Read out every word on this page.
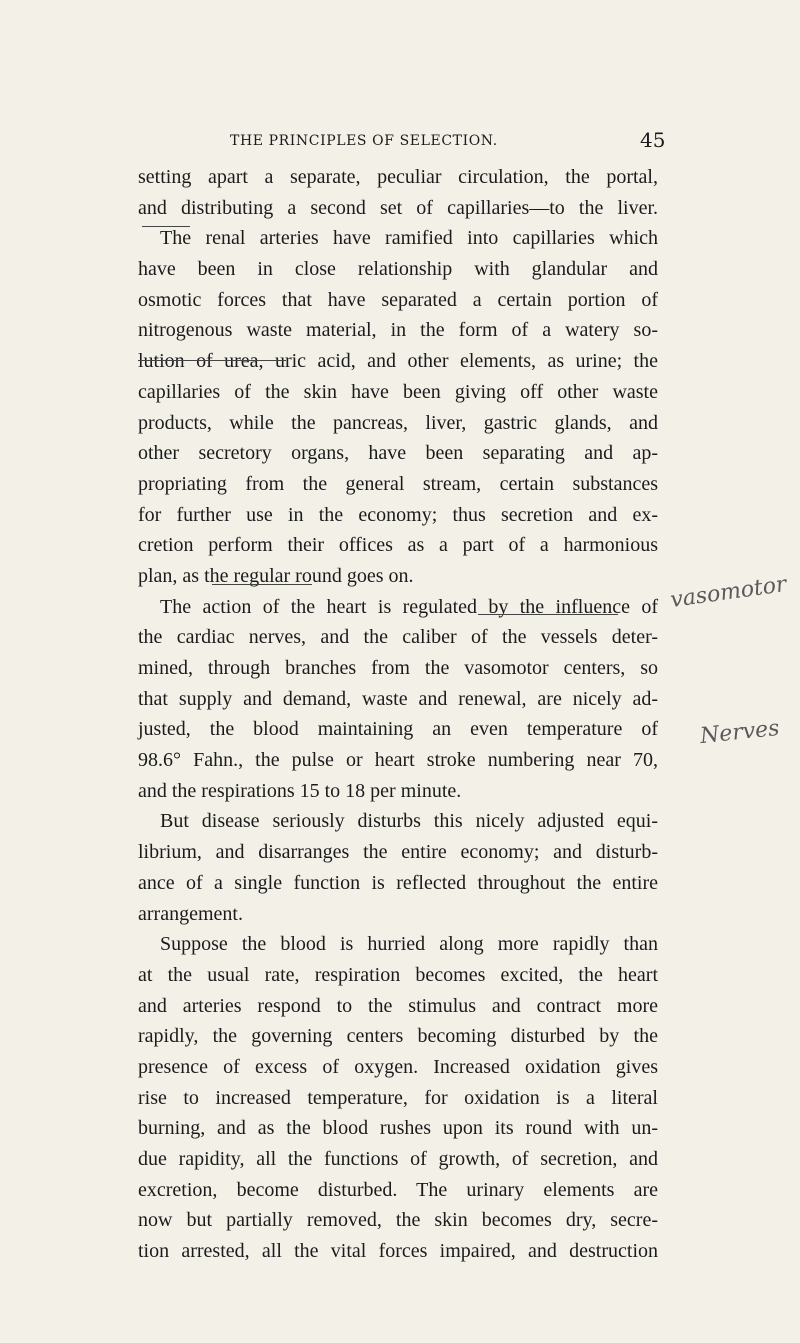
THE PRINCIPLES OF SELECTION.	45
setting apart a separate, peculiar circulation, the portal,
and distributing a second set of capillaries—to the liver.
The renal arteries have ramified into capillaries which
have been in close relationship with glandular and
osmotic forces that have separated a certain portion of
nitrogenous waste material, in the form of a watery so-
lution of urea, uric acid, and other elements, as urine; the
capillaries of the skin have been giving off other waste
products, while the pancreas, liver, gastric glands, and
other secretory organs, have been separating and ap-
propriating from the general stream, certain substances
for further use in the economy; thus secretion and ex-
cretion perform their offices as a part of a harmonious
plan, as the regular round goes on.
The action of the heart is regulated by the influence of
the cardiac nerves, and the caliber of the vessels deter-
mined, through branches from the vasomotor centers, so
that supply and demand, waste and renewal, are nicely ad-
justed, the blood maintaining an even temperature of
98.6° Fahn., the pulse or heart stroke numbering near 70,
and the respirations 15 to 18 per minute.
But disease seriously disturbs this nicely adjusted equi-
librium, and disarranges the entire economy; and disturb-
ance of a single function is reflected throughout the entire
arrangement.
Suppose the blood is hurried along more rapidly than
at the usual rate, respiration becomes excited, the heart
and arteries respond to the stimulus and contract more
rapidly, the governing centers becoming disturbed by the
presence of excess of oxygen. Increased oxidation gives
rise to increased temperature, for oxidation is a literal
burning, and as the blood rushes upon its round with un-
due rapidity, all the functions of growth, of secretion, and
excretion, become disturbed. The urinary elements are
now but partially removed, the skin becomes dry, secre-
tion arrested, all the vital forces impaired, and destruction
vasomotor
Nerves
